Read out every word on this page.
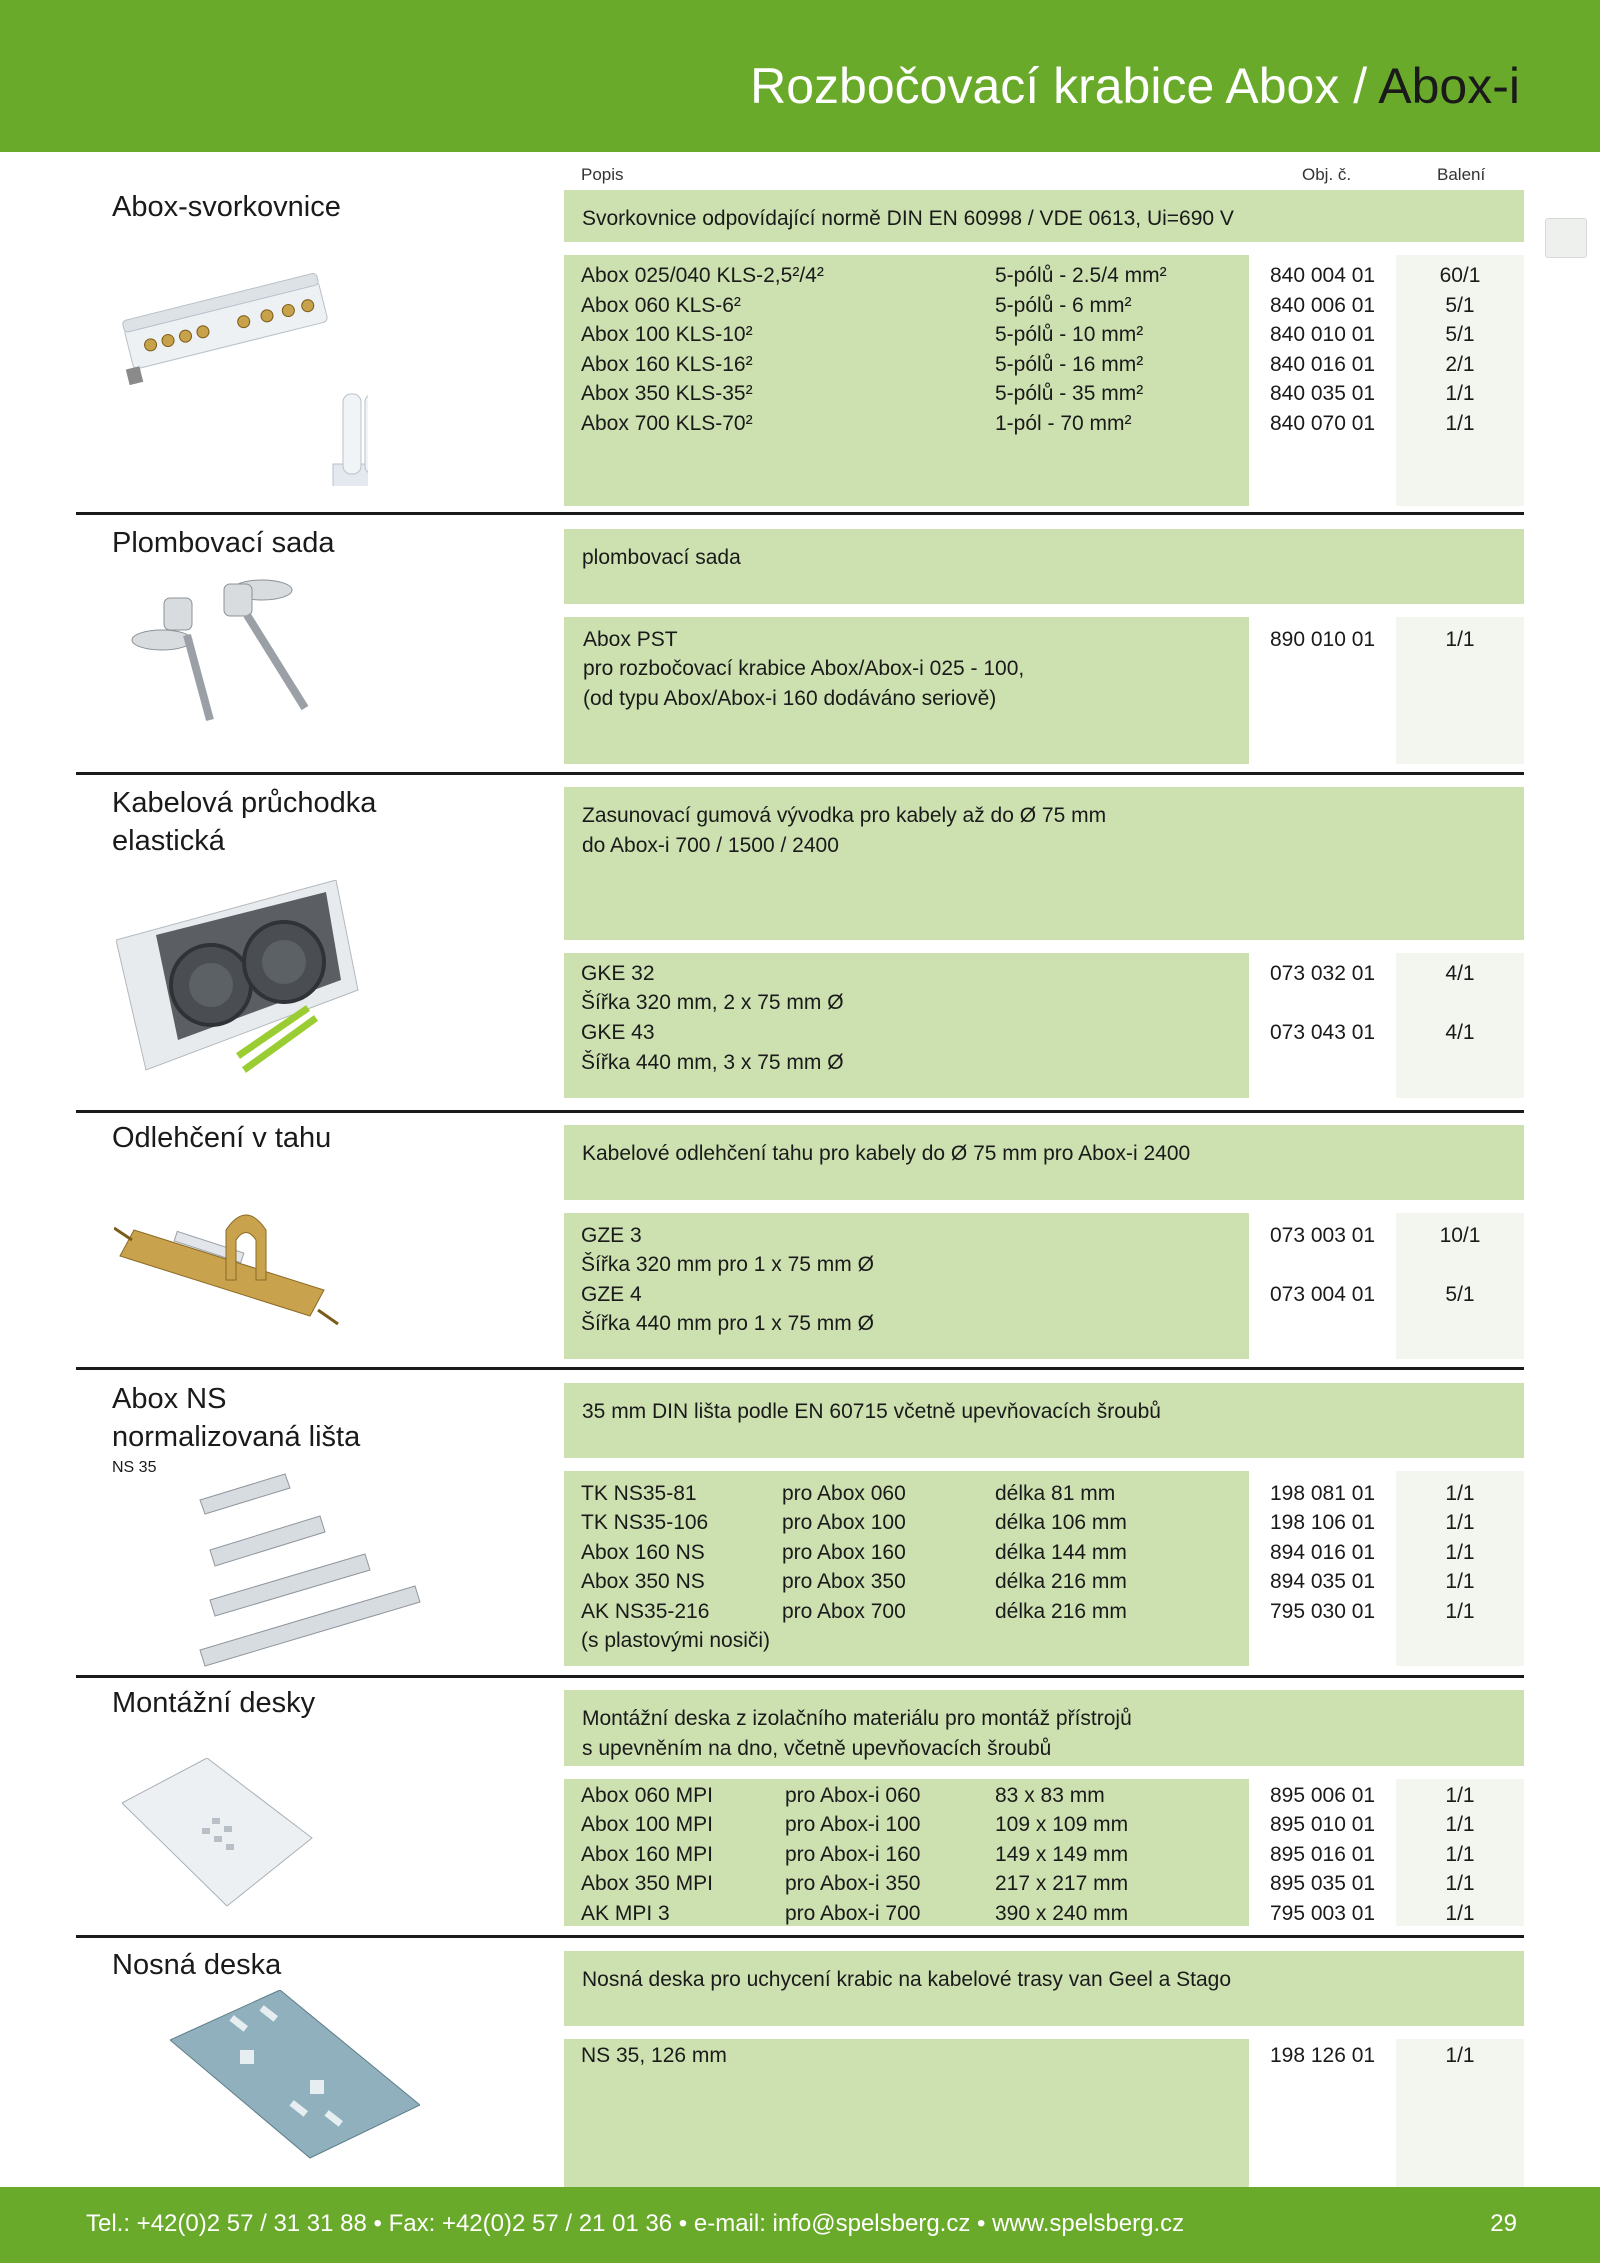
Rozbočovací krabice Abox / Abox-i
Popis	Obj. č.	Balení
Abox-svorkovnice	Svorkovnice odpovídající normě DIN EN 60998 / VDE 0613, Ui=690 V
Plombovací sada	plombovací sada
Abox PST	890 010 01	1/1
pro rozbočovací krabice Abox/Abox-i 025 - 100,
(od typu Abox/Abox-i 160 dodáváno seriově)
Kabelová průchodka
elastická
Zasunovací gumová vývodka pro kabely až do Ø 75 mm
do Abox-i 700 / 1500 / 2400
GKE 32	073 032 01	4/1
Šířka 320 mm, 2 x 75 mm Ø
GKE 43	073 043 01	4/1
Šířka 440 mm, 3 x 75 mm Ø
Odlehčení v tahu	Kabelové odlehčení tahu pro kabely do Ø 75 mm pro Abox-i 2400
GZE 3	073 003 01	10/1
Šířka 320 mm pro 1 x 75 mm Ø
GZE 4	073 004 01	5/1
Šířka 440 mm pro 1 x 75 mm Ø
Abox NS
normalizovaná lišta
NS 35
35 mm DIN lišta podle EN 60715 včetně upevňovacích šroubů
TK NS35-81	pro Abox 060	délka 81 mm	198 081 01	1/1
TK NS35-106	pro Abox 100	délka 106 mm	198 106 01	1/1
Abox 160 NS	pro Abox 160	délka 144 mm	894 016 01	1/1
Abox 350 NS	pro Abox 350	délka 216 mm	894 035 01	1/1
AK NS35-216	pro Abox 700	délka 216 mm	795 030 01	1/1
(s plastovými nosiči)
Montážní desky	Montážní deska z izolačního materiálu pro montáž přístrojů
s upevněním na dno, včetně upevňovacích šroubů
Abox 060 MPI	pro Abox-i 060	83 x 83 mm	895 006 01	1/1
Abox 100 MPI	pro Abox-i 100	109 x 109 mm	895 010 01	1/1
Abox 160 MPI	pro Abox-i 160	149 x 149 mm	895 016 01	1/1
Abox 350 MPI	pro Abox-i 350	217 x 217 mm	895 035 01	1/1
AK MPI 3	pro Abox-i 700	390 x 240 mm	795 003 01	1/1
Nosná deska	Nosná deska pro uchycení krabic na kabelové trasy van Geel a Stago
NS 35, 126 mm	198 126 01	1/1
Abox 025/040 KLS-2,5²/4²	5-pólů - 2.5/4 mm²	840 004 01	60/1
Abox 060 KLS-6²	5-pólů - 6 mm²	840 006 01	5/1
Abox 100 KLS-10²	5-pólů - 10 mm²	840 010 01	5/1
Abox 160 KLS-16²	5-pólů - 16 mm²	840 016 01	2/1
Abox 350 KLS-35²	5-pólů - 35 mm²	840 035 01	1/1
Abox 700 KLS-70²	1-pól - 70 mm²	840 070 01	1/1
Tel.: +42(0)2 57 / 31 31 88 • Fax: +42(0)2 57 / 21 01 36 • e-mail: info@spelsberg.cz • www.spelsberg.cz	29
